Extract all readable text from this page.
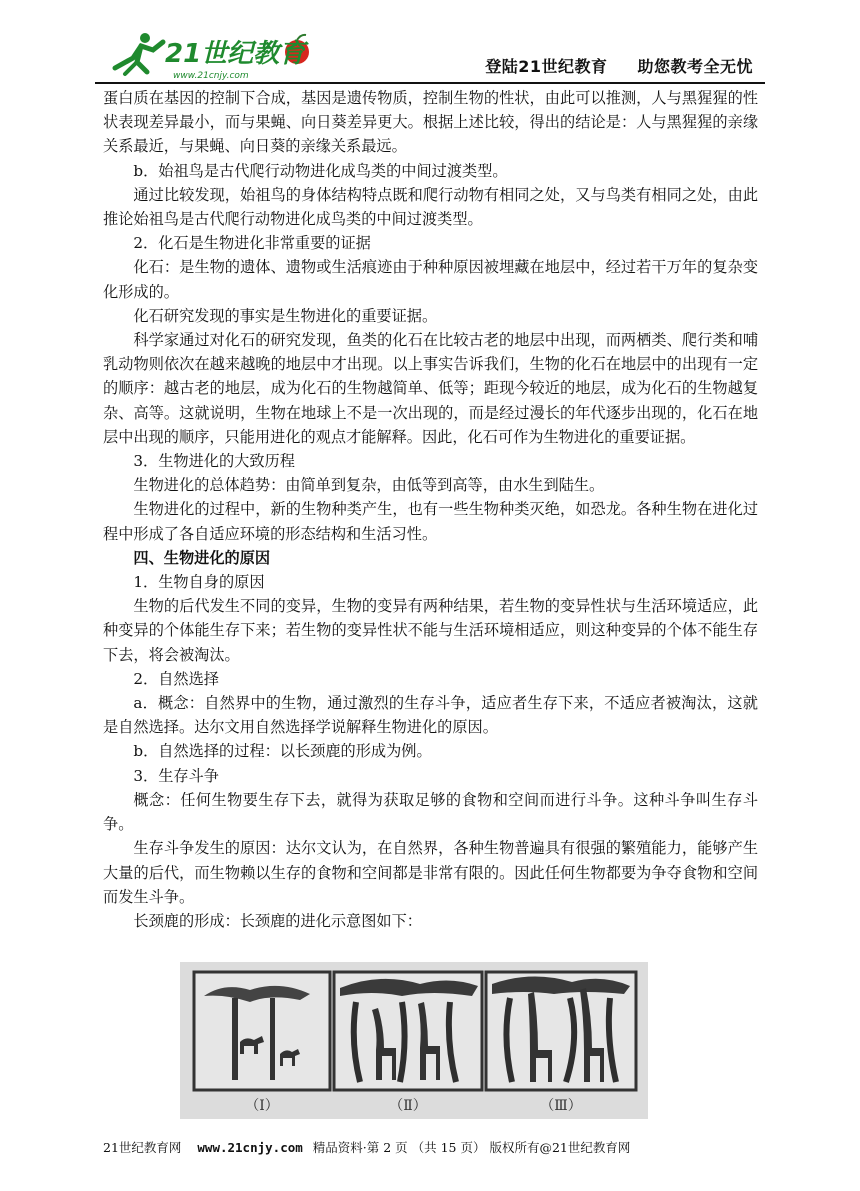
21世纪教育
www.21cnjy.com	登陆21世纪教育 助您教考全无忧

蛋白质在基因的控制下合成，基因是遗传物质，控制生物的性状，由此可以推测，人与黑猩猩的性状表现差异最小，而与果蝇、向日葵差异更大。根据上述比较，得出的结论是：人与黑猩猩的亲缘关系最近，与果蝇、向日葵的亲缘关系最远。

b．始祖鸟是古代爬行动物进化成鸟类的中间过渡类型。

通过比较发现，始祖鸟的身体结构特点既和爬行动物有相同之处，又与鸟类有相同之处，由此推论始祖鸟是古代爬行动物进化成鸟类的中间过渡类型。

2．化石是生物进化非常重要的证据

化石：是生物的遗体、遗物或生活痕迹由于种种原因被埋藏在地层中，经过若干万年的复杂变化形成的。

化石研究发现的事实是生物进化的重要证据。

科学家通过对化石的研究发现，鱼类的化石在比较古老的地层中出现，而两栖类、爬行类和哺乳动物则依次在越来越晚的地层中才出现。以上事实告诉我们，生物的化石在地层中的出现有一定的顺序：越古老的地层，成为化石的生物越简单、低等；距现今较近的地层，成为化石的生物越复杂、高等。这就说明，生物在地球上不是一次出现的，而是经过漫长的年代逐步出现的，化石在地层中出现的顺序，只能用进化的观点才能解释。因此，化石可作为生物进化的重要证据。

3．生物进化的大致历程

生物进化的总体趋势：由简单到复杂，由低等到高等，由水生到陆生。

生物进化的过程中，新的生物种类产生，也有一些生物种类灭绝，如恐龙。各种生物在进化过程中形成了各自适应环境的形态结构和生活习性。

四、生物进化的原因

1．生物自身的原因

生物的后代发生不同的变异，生物的变异有两种结果，若生物的变异性状与生活环境适应，此种变异的个体能生存下来；若生物的变异性状不能与生活环境相适应，则这种变异的个体不能生存下去，将会被淘汰。

2．自然选择

a．概念：自然界中的生物，通过激烈的生存斗争，适应者生存下来，不适应者被淘汰，这就是自然选择。达尔文用自然选择学说解释生物进化的原因。

b．自然选择的过程：以长颈鹿的形成为例。

3．生存斗争

概念：任何生物要生存下去，就得为获取足够的食物和空间而进行斗争。这种斗争叫生存斗争。

生存斗争发生的原因：达尔文认为，在自然界，各种生物普遍具有很强的繁殖能力，能够产生大量的后代，而生物赖以生存的食物和空间都是非常有限的。因此任何生物都要为争夺食物和空间而发生斗争。

长颈鹿的形成：长颈鹿的进化示意图如下：

（Ⅰ）	（Ⅱ）	（Ⅲ）
21世纪教育网 www.21cnjy.com 精品资料·第 2 页 （共 15 页） 版权所有@21世纪教育网
